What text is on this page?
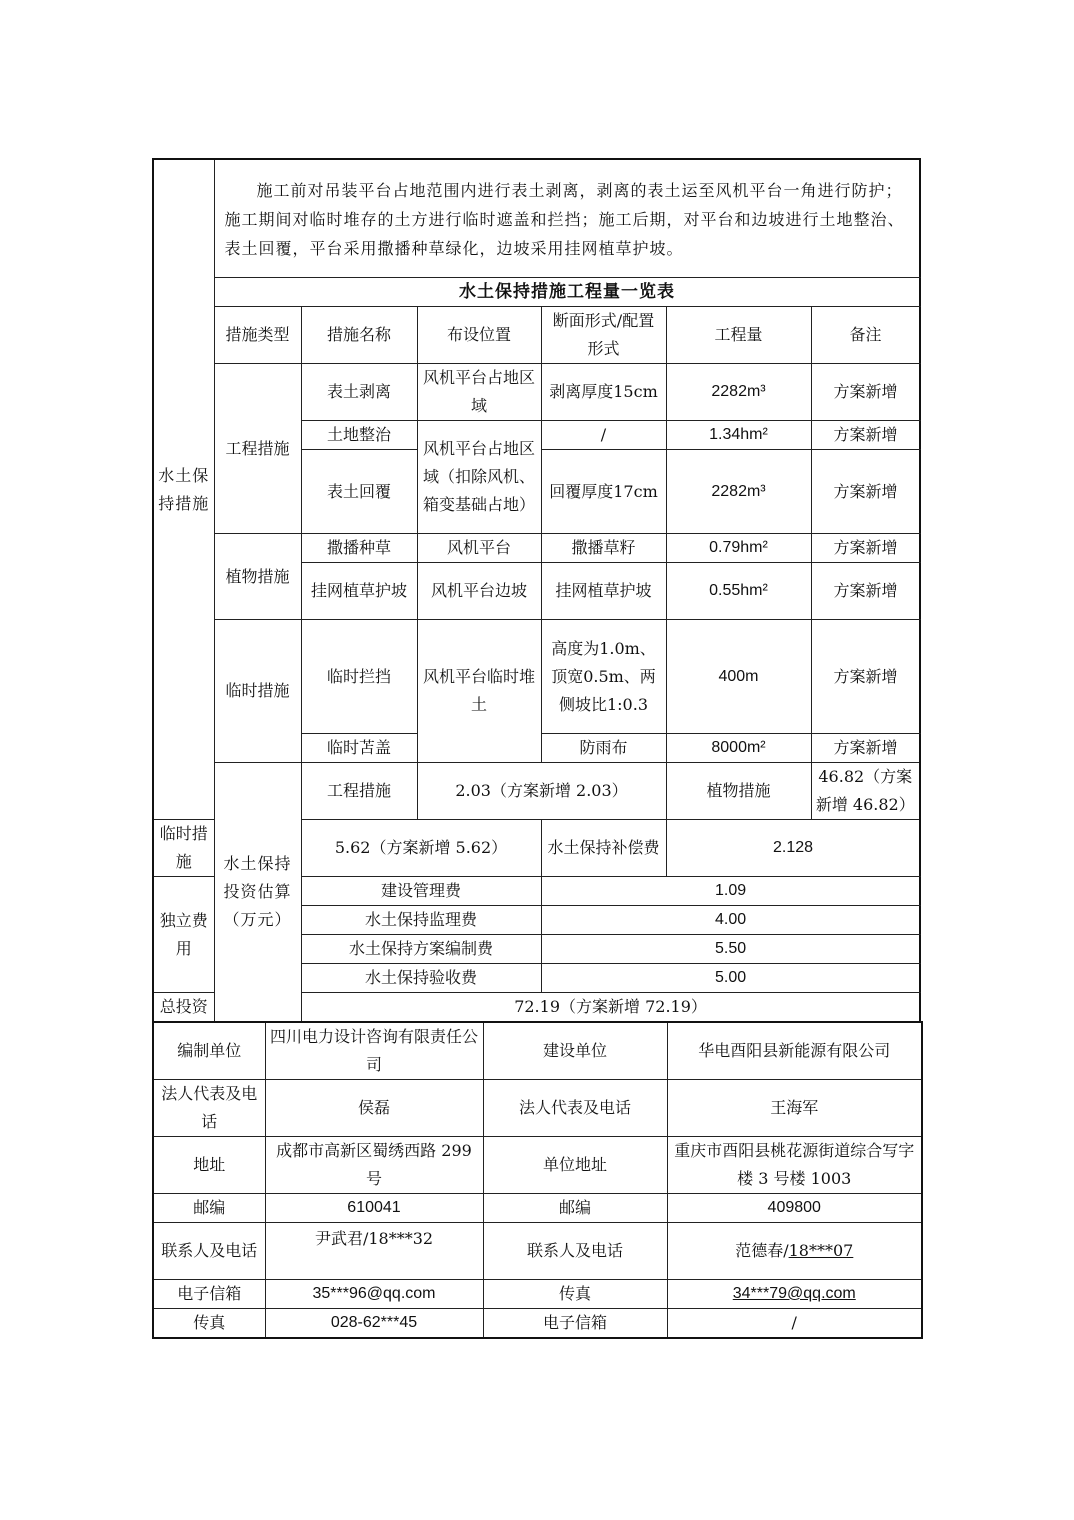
水土保持措施	施工前对吊装平台占地范围内进行表土剥离，剥离的表土运至风机平台一角进行防护；施工期间对临时堆存的土方进行临时遮盖和拦挡；施工后期，对平台和边坡进行土地整治、表土回覆，平台采用撒播种草绿化，边坡采用挂网植草护坡。					
	水土保持措施工程量一览表					
	措施类型	措施名称	布设位置	断面形式/配置形式	工程量	备注
	工程措施	表土剥离	风机平台占地区域	剥离厚度15cm	2282m³	方案新增
		土地整治	风机平台占地区域（扣除风机、箱变基础占地）	/	1.34hm²	方案新增
		表土回覆		回覆厚度17cm	2282m³	方案新增
	植物措施	撒播种草	风机平台	撒播草籽	0.79hm²	方案新增
		挂网植草护坡	风机平台边坡	挂网植草护坡	0.55hm²	方案新增
	临时措施	临时拦挡	风机平台临时堆土	高度为1.0m、顶宽0.5m、两侧坡比1:0.3	400m	方案新增
		临时苫盖		防雨布	8000m²	方案新增
	水土保持投资估算（万元）	工程措施	2.03（方案新增 2.03）		植物措施	46.82（方案新增 46.82）
临时措施		5.62（方案新增 5.62）		水土保持补偿费	2.128	
独立费用		建设管理费		1.09		
		水土保持监理费		4.00		
		水土保持方案编制费		5.50		
		水土保持验收费		5.00		
总投资		72.19（方案新增 72.19）				
编制单位	四川电力设计咨询有限责任公司	建设单位	华电酉阳县新能源有限公司
法人代表及电话	侯磊	法人代表及电话	王海军
地址	成都市高新区蜀绣西路 299 号	单位地址	重庆市酉阳县桃花源街道综合写字楼 3 号楼 1003
邮编	610041	邮编	409800
联系人及电话	尹武君/18***32	联系人及电话	范德春/18***07
电子信箱	35***96@qq.com	传真	34***79@qq.com
传真	028-62***45	电子信箱	/
